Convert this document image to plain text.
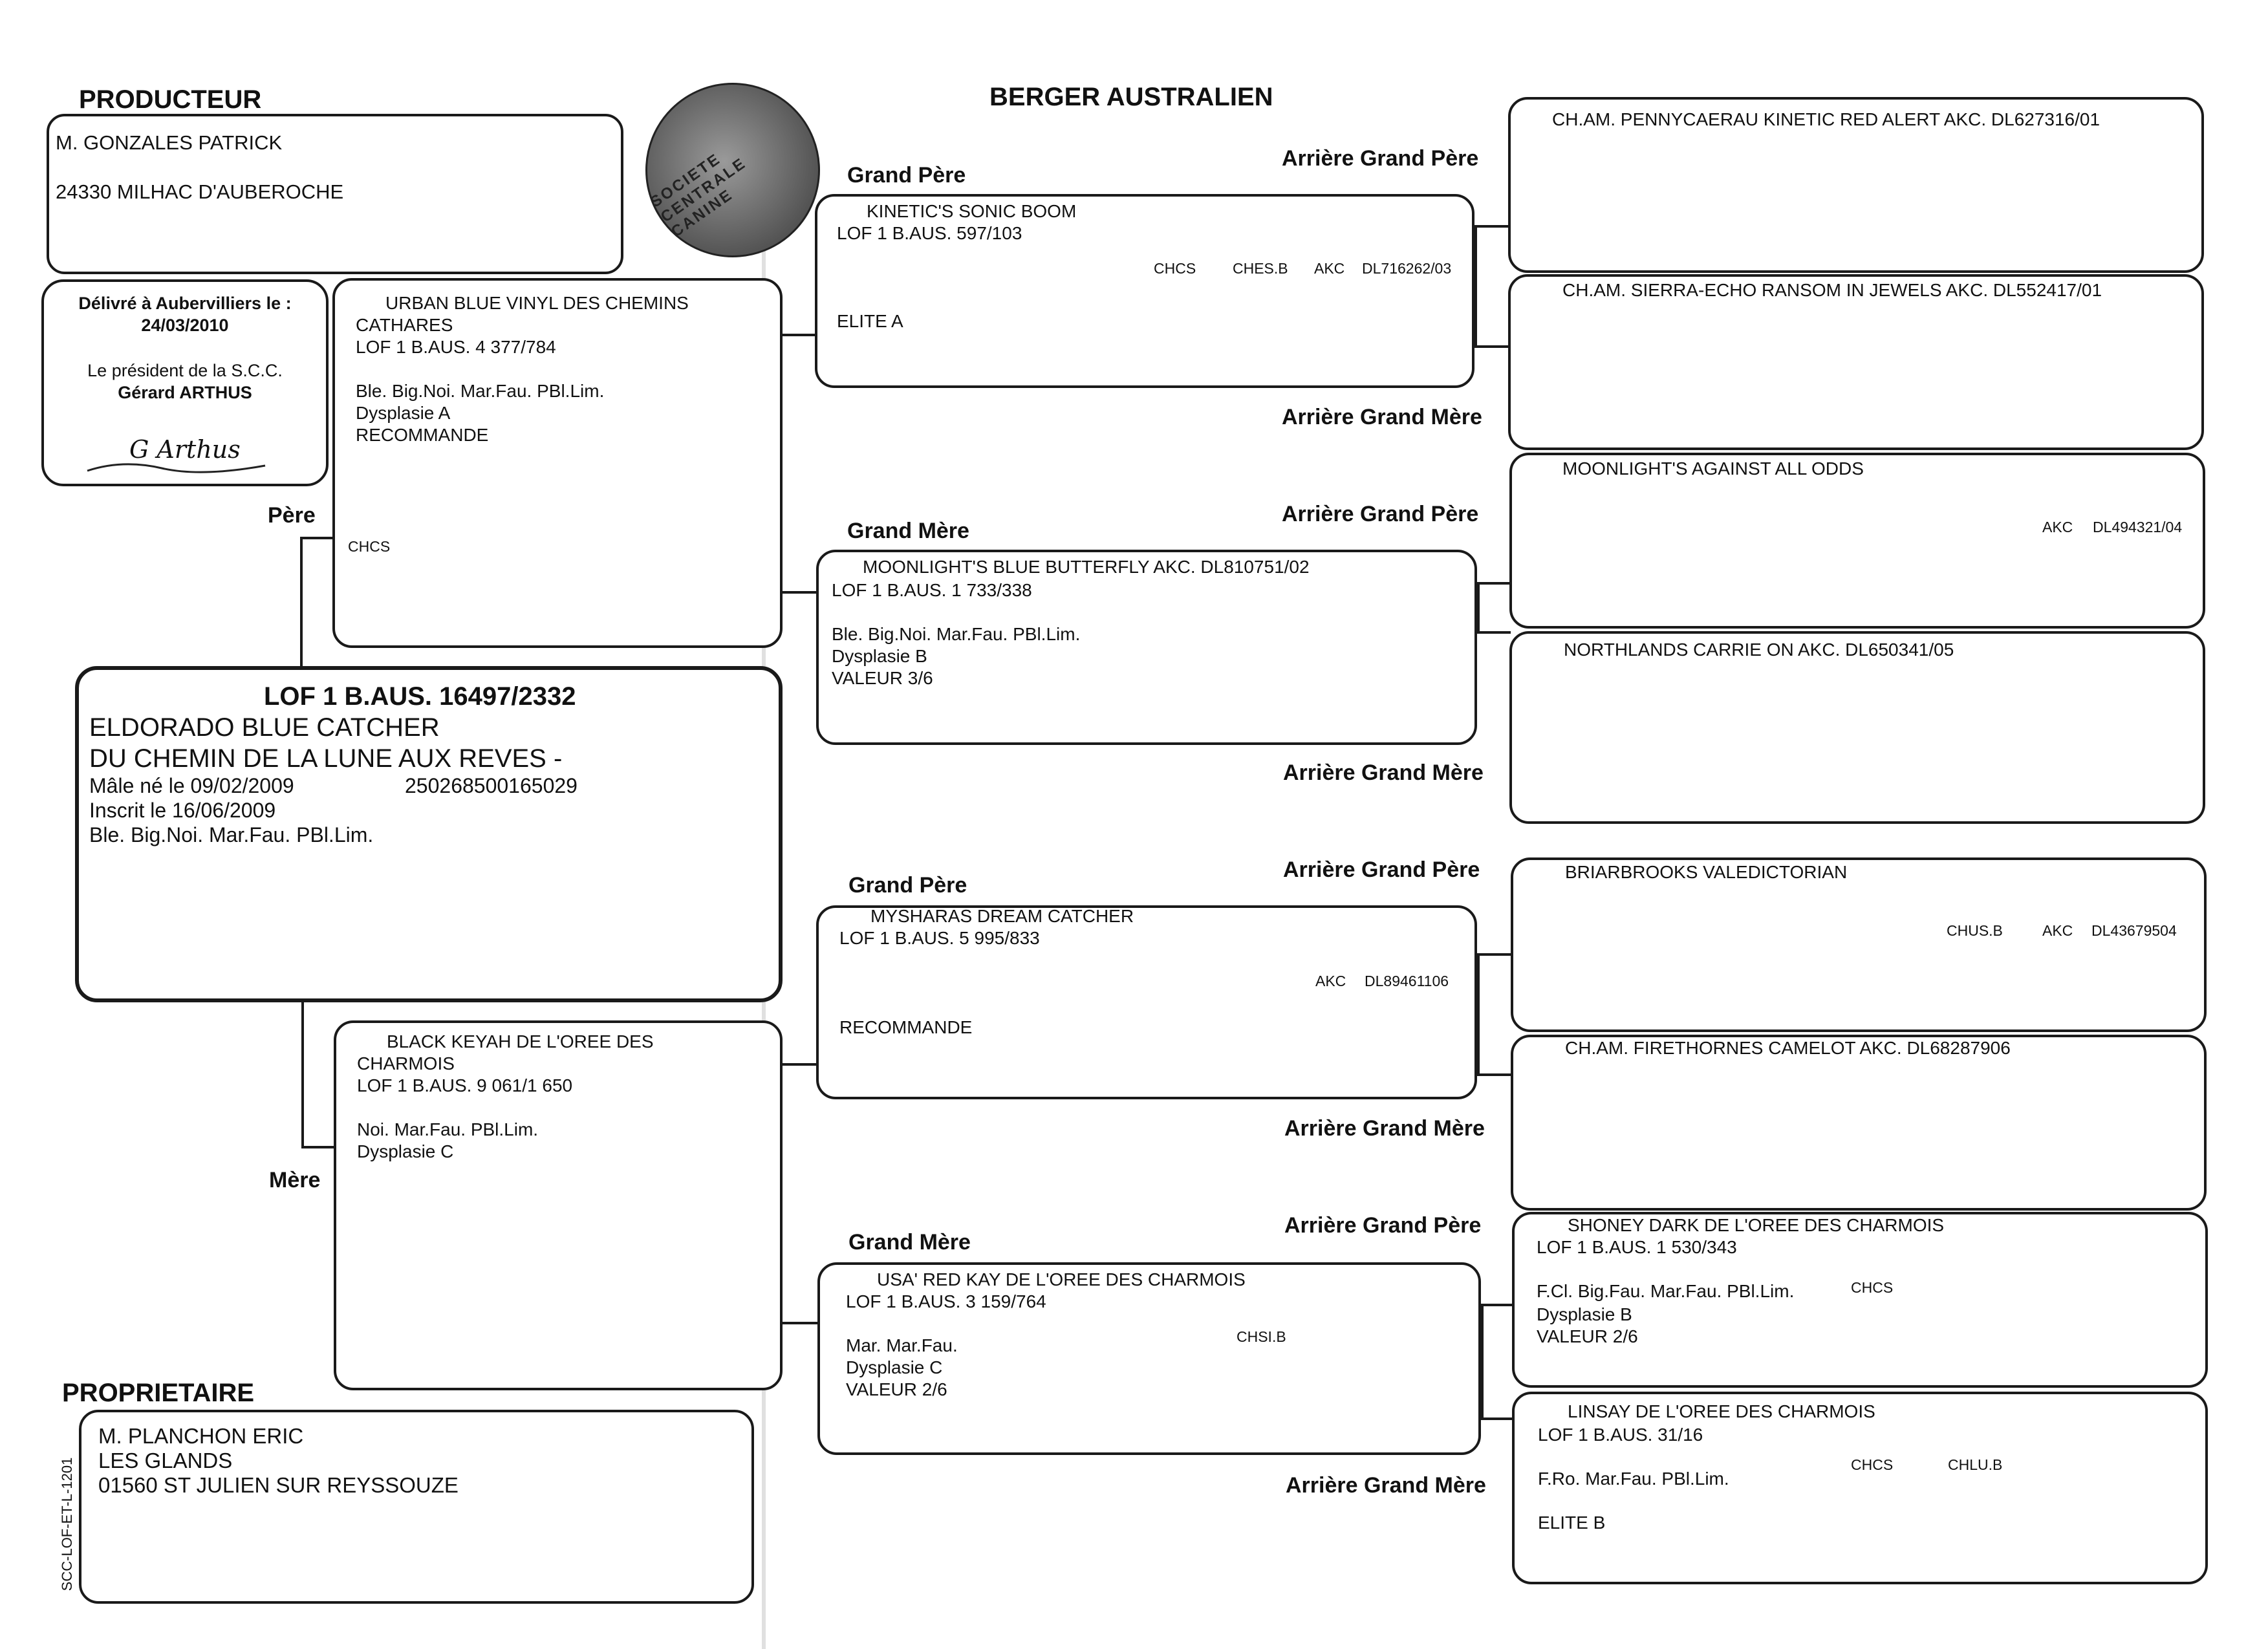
BERGER AUSTRALIEN
PRODUCTEUR
M. GONZALES PATRICK
24330 MILHAC D'AUBEROCHE	SOCIETE CENTRALE CANINE
Délivré à Aubervilliers le :
24/03/2010
Le président de la S.C.C.
Gérard ARTHUS
G Arthus
URBAN BLUE VINYL DES CHEMINS
CATHARES
LOF 1 B.AUS. 4 377/784
Ble. Big.Noi. Mar.Fau. PBl.Lim.
Dysplasie A
RECOMMANDE
CHCS
Père
LOF 1 B.AUS. 16497/2332
ELDORADO BLUE CATCHER
DU CHEMIN DE LA LUNE AUX REVES -
Mâle né le 09/02/2009	250268500165029
Inscrit le 16/06/2009
Ble. Big.Noi. Mar.Fau. PBl.Lim.
BLACK KEYAH DE L'OREE DES
CHARMOIS
LOF 1 B.AUS. 9 061/1 650
Noi. Mar.Fau. PBl.Lim.
Dysplasie C
Mère
PROPRIETAIRE
M. PLANCHON ERIC
LES GLANDS
01560 ST JULIEN SUR REYSSOUZE
SCC-LOF-ET-L-1201
Grand Père
Grand Mère
Grand Père
Grand Mère
KINETIC'S SONIC BOOM
LOF 1 B.AUS. 597/103
CHCS CHES.B AKC DL716262/03
ELITE A
MOONLIGHT'S BLUE BUTTERFLY AKC. DL810751/02
LOF 1 B.AUS. 1 733/338
Ble. Big.Noi. Mar.Fau. PBl.Lim.
Dysplasie B
VALEUR 3/6
MYSHARAS DREAM CATCHER
LOF 1 B.AUS. 5 995/833
AKC DL89461106
RECOMMANDE
USA' RED KAY DE L'OREE DES CHARMOIS
LOF 1 B.AUS. 3 159/764
CHSI.B
Mar. Mar.Fau.
Dysplasie C
VALEUR 2/6
Arrière Grand Père
Arrière Grand Mère
Arrière Grand Père
Arrière Grand Mère
Arrière Grand Père
Arrière Grand Mère
Arrière Grand Père
Arrière Grand Mère
CH.AM. PENNYCAERAU KINETIC RED ALERT AKC. DL627316/01
CH.AM. SIERRA-ECHO RANSOM IN JEWELS AKC. DL552417/01
MOONLIGHT'S AGAINST ALL ODDS
AKC DL494321/04
NORTHLANDS CARRIE ON AKC. DL650341/05
BRIARBROOKS VALEDICTORIAN
CHUS.B	AKC DL43679504
CH.AM. FIRETHORNES CAMELOT AKC. DL68287906
SHONEY DARK DE L'OREE DES CHARMOIS
LOF 1 B.AUS. 1 530/343
F.Cl. Big.Fau. Mar.Fau. PBl.Lim.	CHCS
Dysplasie B
VALEUR 2/6
LINSAY DE L'OREE DES CHARMOIS
LOF 1 B.AUS. 31/16
CHCS	CHLU.B
F.Ro. Mar.Fau. PBl.Lim.
ELITE B
